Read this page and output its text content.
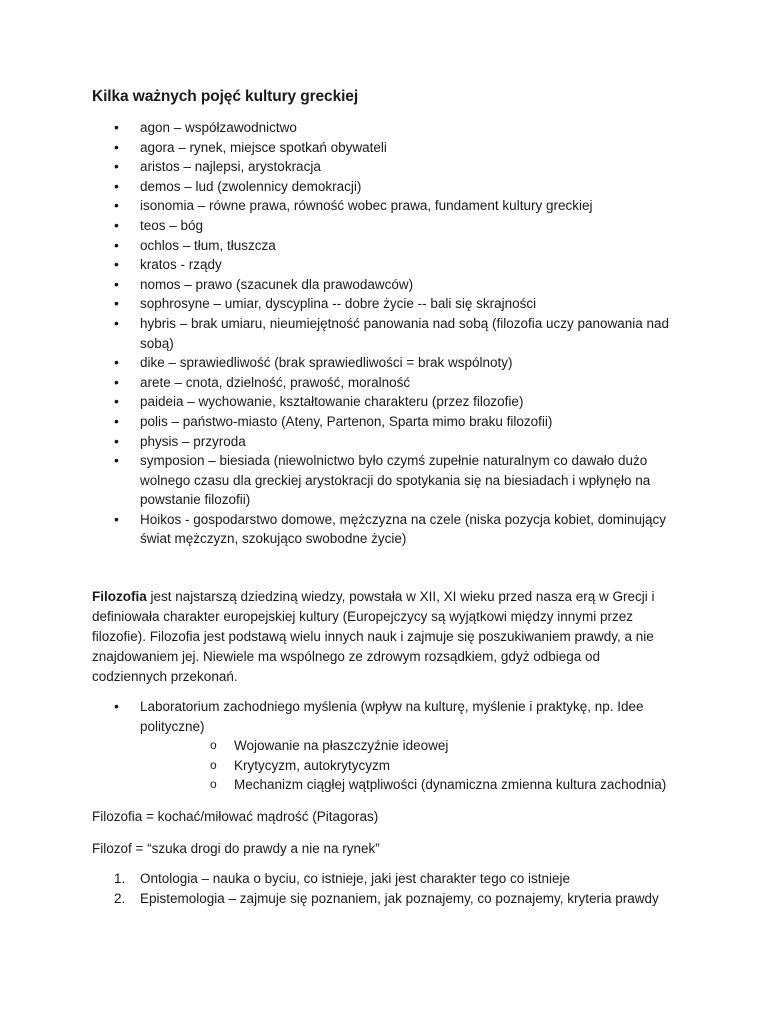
Kilka ważnych pojęć kultury greckiej
• agon – współzawodnictwo
• agora – rynek, miejsce spotkań obywateli
• aristos – najlepsi, arystokracja
• demos – lud (zwolennicy demokracji)
• isonomia – równe prawa, równość wobec prawa, fundament kultury greckiej
• teos – bóg
• ochlos – tłum, tłuszcza
• kratos - rządy
• nomos – prawo (szacunek dla prawodawców)
• sophrosyne – umiar, dyscyplina -- dobre życie -- bali się skrajności
• hybris – brak umiaru, nieumiejętność panowania nad sobą (filozofia uczy panowania nad sobą)
• dike – sprawiedliwość (brak sprawiedliwości = brak wspólnoty)
• arete – cnota, dzielność, prawość, moralność
• paideia – wychowanie, kształtowanie charakteru (przez filozofie)
• polis – państwo-miasto (Ateny, Partenon, Sparta mimo braku filozofii)
• physis – przyroda
• symposion – biesiada (niewolnictwo było czymś zupełnie naturalnym co dawało dużo wolnego czasu dla greckiej arystokracji do spotykania się na biesiadach i wpłynęło na powstanie filozofii)
• Hoikos - gospodarstwo domowe, mężczyzna na czele (niska pozycja kobiet, dominujący świat mężczyzn, szokująco swobodne życie)

Filozofia jest najstarszą dziedziną wiedzy, powstała w XII, XI wieku przed nasza erą w Grecji i definiowała charakter europejskiej kultury (Europejczycy są wyjątkowi między innymi przez filozofie). Filozofia jest podstawą wielu innych nauk i zajmuje się poszukiwaniem prawdy, a nie znajdowaniem jej. Niewiele ma wspólnego ze zdrowym rozsądkiem, gdyż odbiega od codziennych przekonań.

• Laboratorium zachodniego myślenia (wpływ na kulturę, myślenie i praktykę, np. Idee polityczne)
o Wojowanie na płaszczyźnie ideowej
o Krytycyzm, autokrytycyzm
o Mechanizm ciągłej wątpliwości (dynamiczna zmienna kultura zachodnia)

Filozofia = kochać/miłować mądrość (Pitagoras)

Filozof = “szuka drogi do prawdy a nie na rynek”

1. Ontologia – nauka o byciu, co istnieje, jaki jest charakter tego co istnieje
2. Epistemologia – zajmuje się poznaniem, jak poznajemy, co poznajemy, kryteria prawdy
